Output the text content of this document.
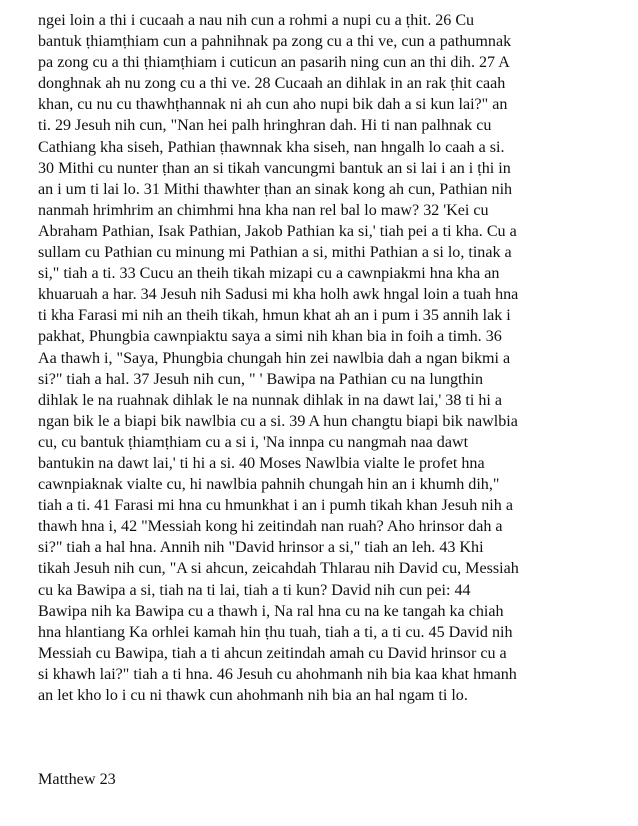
ngei loin a thi i cucaah a nau nih cun a rohmi a nupi cu a ṭhit. 26 Cu
bantuk ṭhiamṭhiam cun a pahnihnak pa zong cu a thi ve, cun a pathumnak
pa zong cu a thi ṭhiamṭhiam i cuticun an pasarih ning cun an thi dih. 27 A
donghnak ah nu zong cu a thi ve. 28 Cucaah an dihlak in an rak ṭhit caah
khan, cu nu cu thawhṭhannak ni ah cun aho nupi bik dah a si kun lai?" an
ti. 29 Jesuh nih cun, "Nan hei palh hringhran dah. Hi ti nan palhnak cu
Cathiang kha siseh, Pathian ṭhawnnak kha siseh, nan hngalh lo caah a si.
30 Mithi cu nunter ṭhan an si tikah vancungmi bantuk an si lai i an i ṭhi in
an i um ti lai lo. 31 Mithi thawhter ṭhan an sinak kong ah cun, Pathian nih
nanmah hrimhrim an chimhmi hna kha nan rel bal lo maw? 32 'Kei cu
Abraham Pathian, Isak Pathian, Jakob Pathian ka si,' tiah pei a ti kha. Cu a
sullam cu Pathian cu minung mi Pathian a si, mithi Pathian a si lo, tinak a
si," tiah a ti. 33 Cucu an theih tikah mizapi cu a cawnpiakmi hna kha an
khuaruah a har. 34 Jesuh nih Sadusi mi kha holh awk hngal loin a tuah hna
ti kha Farasi mi nih an theih tikah, hmun khat ah an i pum i 35 annih lak i
pakhat, Phungbia cawnpiaktu saya a simi nih khan bia in foih a timh. 36
Aa thawh i, "Saya, Phungbia chungah hin zei nawlbia dah a ngan bikmi a
si?" tiah a hal. 37 Jesuh nih cun, " ' Bawipa na Pathian cu na lungthin
dihlak le na ruahnak dihlak le na nunnak dihlak in na dawt lai,' 38 ti hi a
ngan bik le a biapi bik nawlbia cu a si. 39 A hun changtu biapi bik nawlbia
cu, cu bantuk ṭhiamṭhiam cu a si i, 'Na innpa cu nangmah naa dawt
bantukin na dawt lai,' ti hi a si. 40 Moses Nawlbia vialte le profet hna
cawnpiaknak vialte cu, hi nawlbia pahnih chungah hin an i khumh dih,"
tiah a ti. 41 Farasi mi hna cu hmunkhat i an i pumh tikah khan Jesuh nih a
thawh hna i, 42 "Messiah kong hi zeitindah nan ruah? Aho hrinsor dah a
si?" tiah a hal hna. Annih nih "David hrinsor a si," tiah an leh. 43 Khi
tikah Jesuh nih cun, "A si ahcun, zeicahdah Thlarau nih David cu, Messiah
cu ka Bawipa a si, tiah na ti lai, tiah a ti kun? David nih cun pei: 44
Bawipa nih ka Bawipa cu a thawh i, Na ral hna cu na ke tangah ka chiah
hna hlantiang Ka orhlei kamah hin ṭhu tuah, tiah a ti, a ti cu. 45 David nih
Messiah cu Bawipa, tiah a ti ahcun zeitindah amah cu David hrinsor cu a
si khawh lai?" tiah a ti hna. 46 Jesuh cu ahohmanh nih bia kaa khat hmanh
an let kho lo i cu ni thawk cun ahohmanh nih bia an hal ngam ti lo.

Matthew 23
